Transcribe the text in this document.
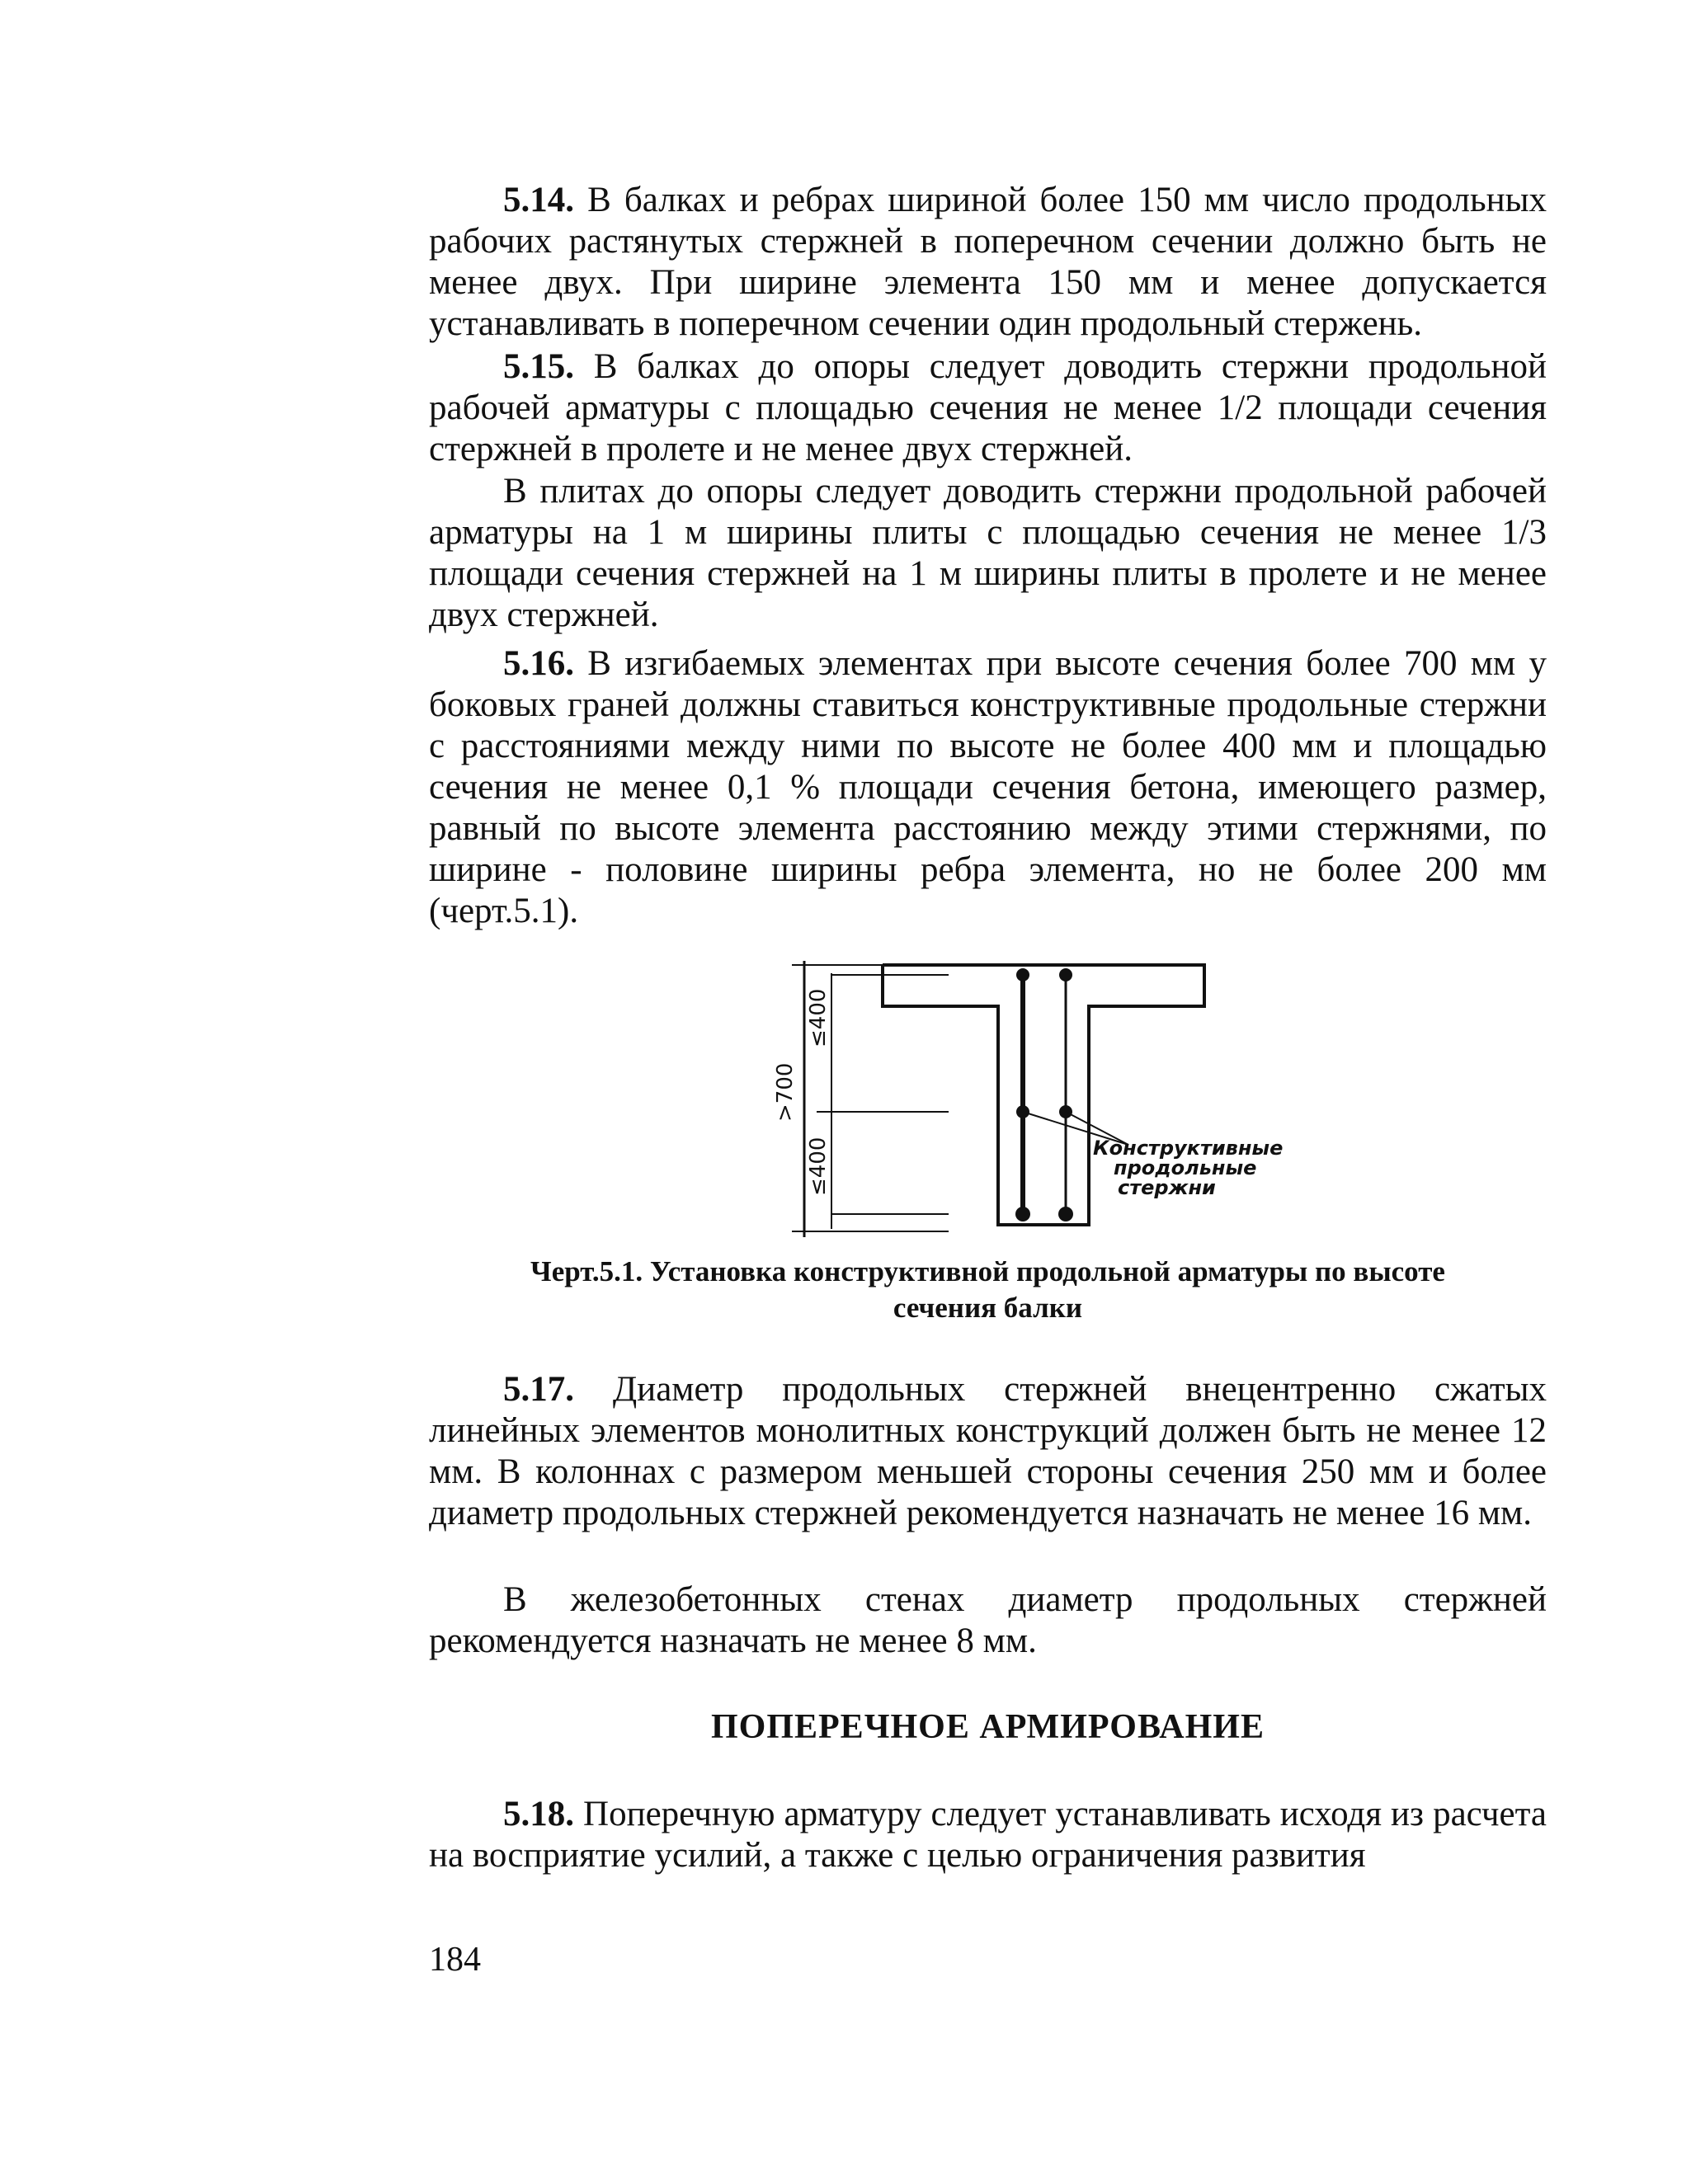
5.14. В балках и ребрах шириной более 150 мм число продольных рабочих растянутых стержней в поперечном сечении должно быть не менее двух. При ширине элемента 150 мм и менее допускается устанавливать в поперечном сечении один продольный стержень.

5.15. В балках до опоры следует доводить стержни продольной рабочей арматуры с площадью сечения не менее 1/2 площади сечения стержней в пролете и не менее двух стержней.

В плитах до опоры следует доводить стержни продольной рабочей арматуры на 1 м ширины плиты с площадью сечения не менее 1/3 площади сечения стержней на 1 м ширины плиты в пролете и не менее двух стержней.

5.16. В изгибаемых элементах при высоте сечения более 700 мм у боковых граней должны ставиться конструктивные продольные стержни с расстояниями между ними по высоте не более 400 мм и площадью сечения не менее 0,1 % площади сечения бетона, имеющего размер, равный по высоте элемента расстоянию между этими стержнями, по ширине - половине ширины ребра элемента, но не более 200 мм (черт.5.1).

>700
≤400
≤400	Конструктивные
продольные
стержни
Черт.5.1. Установка конструктивной продольной арматуры по высоте
сечения балки

5.17. Диаметр продольных стержней внецентренно сжатых линейных элементов монолитных конструкций должен быть не менее 12 мм. В колоннах с размером меньшей стороны сечения 250 мм и более диаметр продольных стержней рекомендуется назначать не менее 16 мм.

В железобетонных стенах диаметр продольных стержней рекомендуется назначать не менее 8 мм.

ПОПЕРЕЧНОЕ АРМИРОВАНИЕ

5.18. Поперечную арматуру следует устанавливать исходя из расчета на восприятие усилий, а также с целью ограничения развития

184
